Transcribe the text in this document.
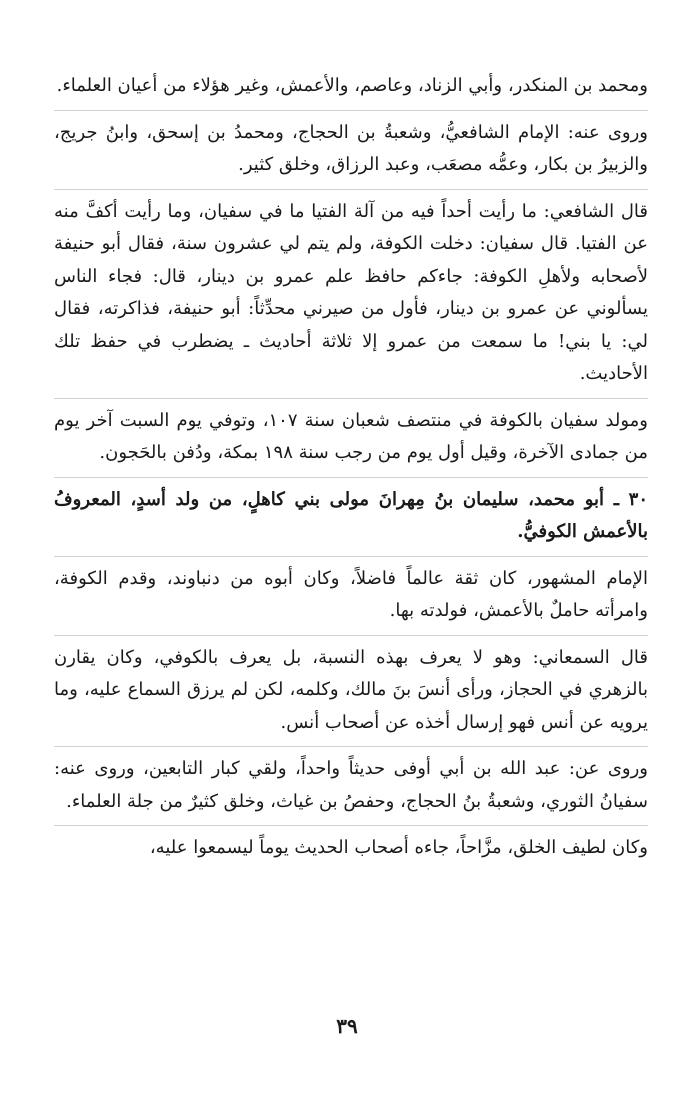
ومحمد بن المنكدر، وأبي الزناد، وعاصم، والأعمش، وغير هؤلاء من أعيان العلماء.

وروى عنه: الإمام الشافعيُّ، وشعبةُ بن الحجاج، ومحمدُ بن إسحق، وابنُ جريج، والزبيرُ بن بكار، وعمُّه مصعَب، وعبد الرزاق، وخلق كثير.

قال الشافعي: ما رأيت أحداً فيه من آلة الفتيا ما في سفيان، وما رأيت أكفَّ منه عن الفتيا. قال سفيان: دخلت الكوفة، ولم يتم لي عشرون سنة، فقال أبو حنيفة لأصحابه ولأهلِ الكوفة: جاءكم حافظ علم عمرو بن دينار، قال: فجاء الناس يسألوني عن عمرو بن دينار، فأول من صيرني محدِّثاً: أبو حنيفة، فذاكرته، فقال لي: يا بني! ما سمعت من عمرو إلا ثلاثة أحاديث ـ يضطرب في حفظ تلك الأحاديث.

ومولد سفيان بالكوفة في منتصف شعبان سنة ١٠٧، وتوفي يوم السبت آخر يوم من جمادى الآخرة، وقيل أول يوم من رجب سنة ١٩٨ بمكة، ودُفن بالحَجون.

٣٠ ـ أبو محمد، سليمان بنُ مِهرانَ مولى بني كاهلٍ، من ولد أسدٍ، المعروفُ بالأعمش الكوفيُّ.

الإمام المشهور، كان ثقة عالماً فاضلاً، وكان أبوه من دنباوند، وقدم الكوفة، وامرأته حاملٌ بالأعمش، فولدته بها.

قال السمعاني: وهو لا يعرف بهذه النسبة، بل يعرف بالكوفي، وكان يقارن بالزهري في الحجاز، ورأى أنسَ بنَ مالك، وكلمه، لكن لم يرزق السماع عليه، وما يرويه عن أنس فهو إرسال أخذه عن أصحاب أنس.

وروى عن: عبد الله بن أبي أوفى حديثاً واحداً، ولقي كبار التابعين، وروى عنه: سفيانُ الثوري، وشعبةُ بنُ الحجاج، وحفصُ بن غياث، وخلق كثيرٌ من جلة العلماء.

وكان لطيف الخلق، مزَّاحاً، جاءه أصحاب الحديث يوماً ليسمعوا عليه،

٣٩
